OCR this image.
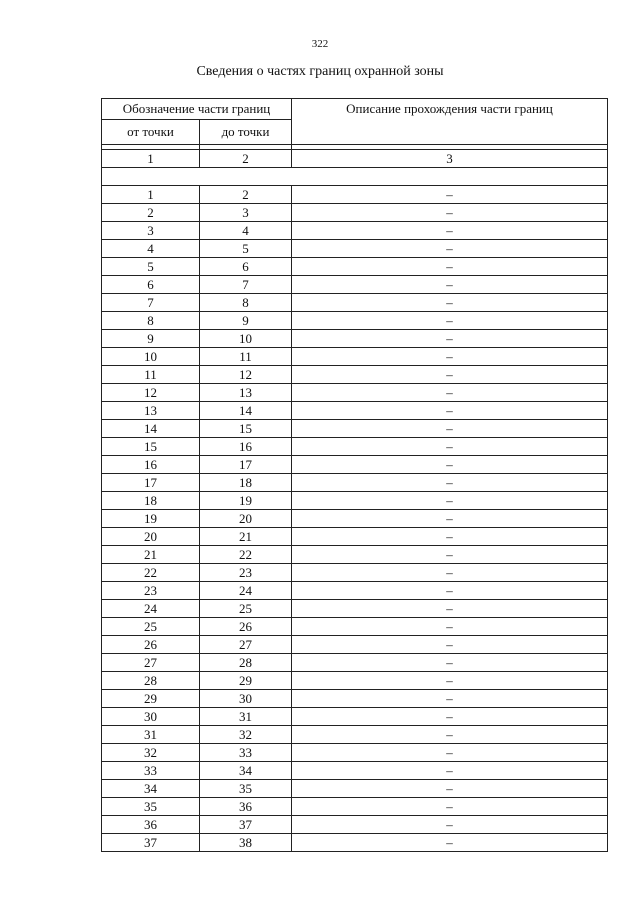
322
Сведения о частях границ охранной зоны
Обозначение части границ		Описание прохождения части границ
от точки	до точки	

1	2	3

1	2	–
2	3	–
3	4	–
4	5	–
5	6	–
6	7	–
7	8	–
8	9	–
9	10	–
10	11	–
11	12	–
12	13	–
13	14	–
14	15	–
15	16	–
16	17	–
17	18	–
18	19	–
19	20	–
20	21	–
21	22	–
22	23	–
23	24	–
24	25	–
25	26	–
26	27	–
27	28	–
28	29	–
29	30	–
30	31	–
31	32	–
32	33	–
33	34	–
34	35	–
35	36	–
36	37	–
37	38	–
